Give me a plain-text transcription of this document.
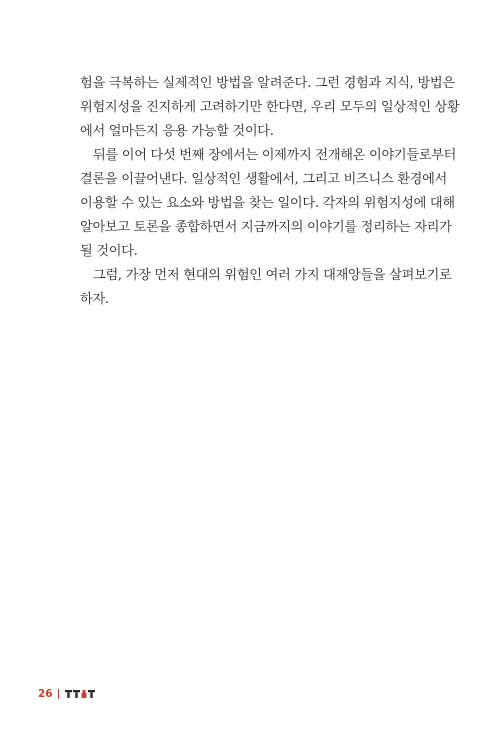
험을 극복하는 실제적인 방법을 알려준다. 그런 경험과 지식, 방법은
위험지성을 진지하게 고려하기만 한다면, 우리 모두의 일상적인 상황
에서 얼마든지 응용 가능할 것이다.
뒤를 이어 다섯 번째 장에서는 이제까지 전개해온 이야기들로부터
결론을 이끌어낸다. 일상적인 생활에서, 그리고 비즈니스 환경에서
이용할 수 있는 요소와 방법을 찾는 일이다. 각자의 위험지성에 대해
알아보고 토론을 종합하면서 지금까지의 이야기를 정리하는 자리가
될 것이다.
그럼, 가장 먼저 현대의 위험인 여러 가지 대재앙들을 살펴보기로
하자.
26
